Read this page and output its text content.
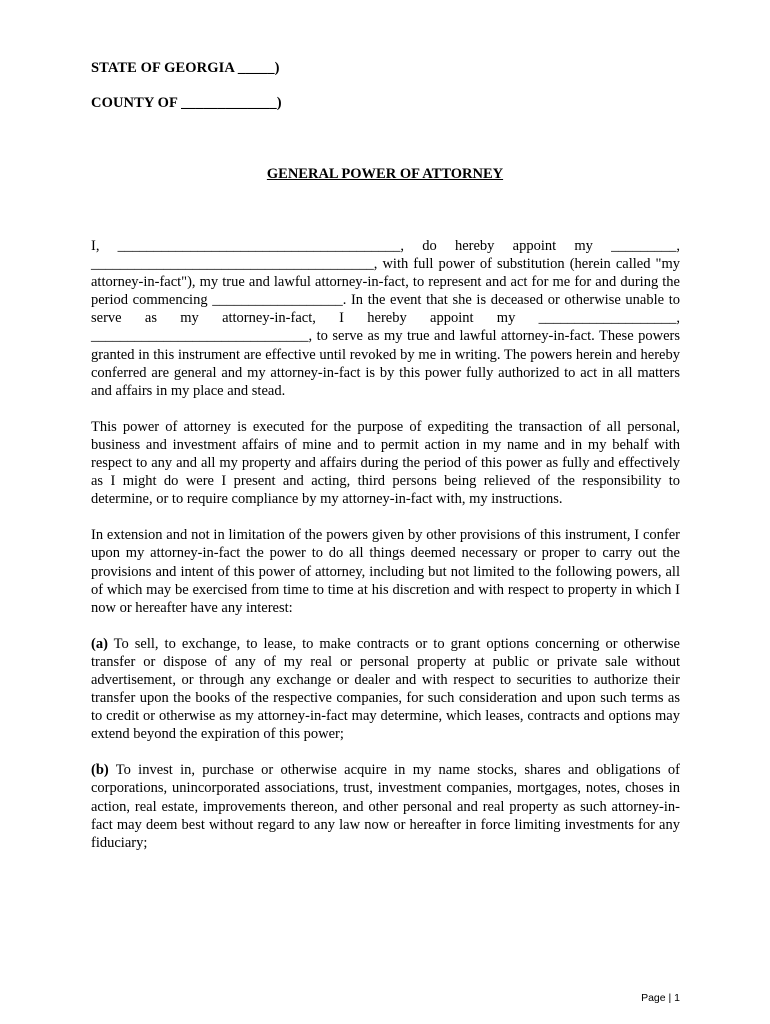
STATE OF GEORGIA _____)
COUNTY OF _____________)
GENERAL POWER OF ATTORNEY

I, _______________________________________, do hereby appoint my _________, _______________________________________, with full power of substitution (herein called "my attorney-in-fact"), my true and lawful attorney-in-fact, to represent and act for me for and during the period commencing __________________. In the event that she is deceased or otherwise unable to serve as my attorney-in-fact, I hereby appoint my ___________________, ______________________________, to serve as my true and lawful attorney-in-fact. These powers granted in this instrument are effective until revoked by me in writing. The powers herein and hereby conferred are general and my attorney-in-fact is by this power fully authorized to act in all matters and affairs in my place and stead.

This power of attorney is executed for the purpose of expediting the transaction of all personal, business and investment affairs of mine and to permit action in my name and in my behalf with respect to any and all my property and affairs during the period of this power as fully and effectively as I might do were I present and acting, third persons being relieved of the responsibility to determine, or to require compliance by my attorney-in-fact with, my instructions.

In extension and not in limitation of the powers given by other provisions of this instrument, I confer upon my attorney-in-fact the power to do all things deemed necessary or proper to carry out the provisions and intent of this power of attorney, including but not limited to the following powers, all of which may be exercised from time to time at his discretion and with respect to property in which I now or hereafter have any interest:

(a) To sell, to exchange, to lease, to make contracts or to grant options concerning or otherwise transfer or dispose of any of my real or personal property at public or private sale without advertisement, or through any exchange or dealer and with respect to securities to authorize their transfer upon the books of the respective companies, for such consideration and upon such terms as to credit or otherwise as my attorney-in-fact may determine, which leases, contracts and options may extend beyond the expiration of this power;

(b) To invest in, purchase or otherwise acquire in my name stocks, shares and obligations of corporations, unincorporated associations, trust, investment companies, mortgages, notes, choses in action, real estate, improvements thereon, and other personal and real property as such attorney-in-fact may deem best without regard to any law now or hereafter in force limiting investments for any fiduciary;

Page | 1
